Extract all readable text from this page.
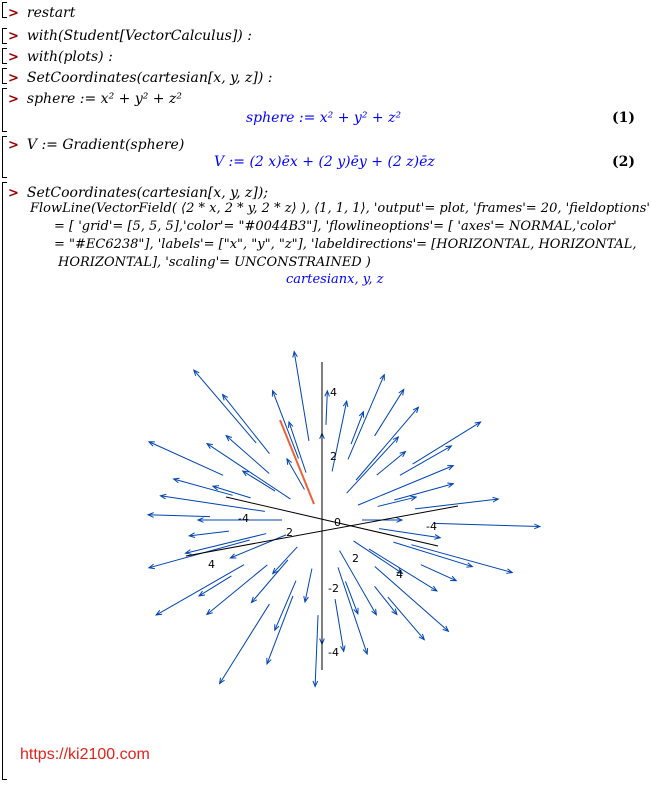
> restart
> with(Student[VectorCalculus]) :
> with(plots) :
> SetCoordinates(cartesian[x, y, z]) :
> sphere := x² + y² + z²
sphere := x² + y² + z²	(1)
> V := Gradient(sphere)
V := (2 x)ēx + (2 y)ēy + (2 z)ēz	(2)
> SetCoordinates(cartesian[x, y, z]);
FlowLine(VectorField( ⟨2 * x, 2 * y, 2 * z⟩ ), ⟨1, 1, 1⟩, 'output'= plot, 'frames'= 20, 'fieldoptions'
= [ 'grid'= [5, 5, 5],'color'= "#0044B3"], 'flowlineoptions'= [ 'axes'= NORMAL,'color'
= "#EC6238"], 'labels'= ["x", "y", "z"], 'labeldirections'= [HORIZONTAL, HORIZONTAL,
HORIZONTAL], 'scaling'= UNCONSTRAINED )
cartesianx, y, z
4
2
0
-2
-4
-4
2
4	2
4
-4
https://ki2100.com
